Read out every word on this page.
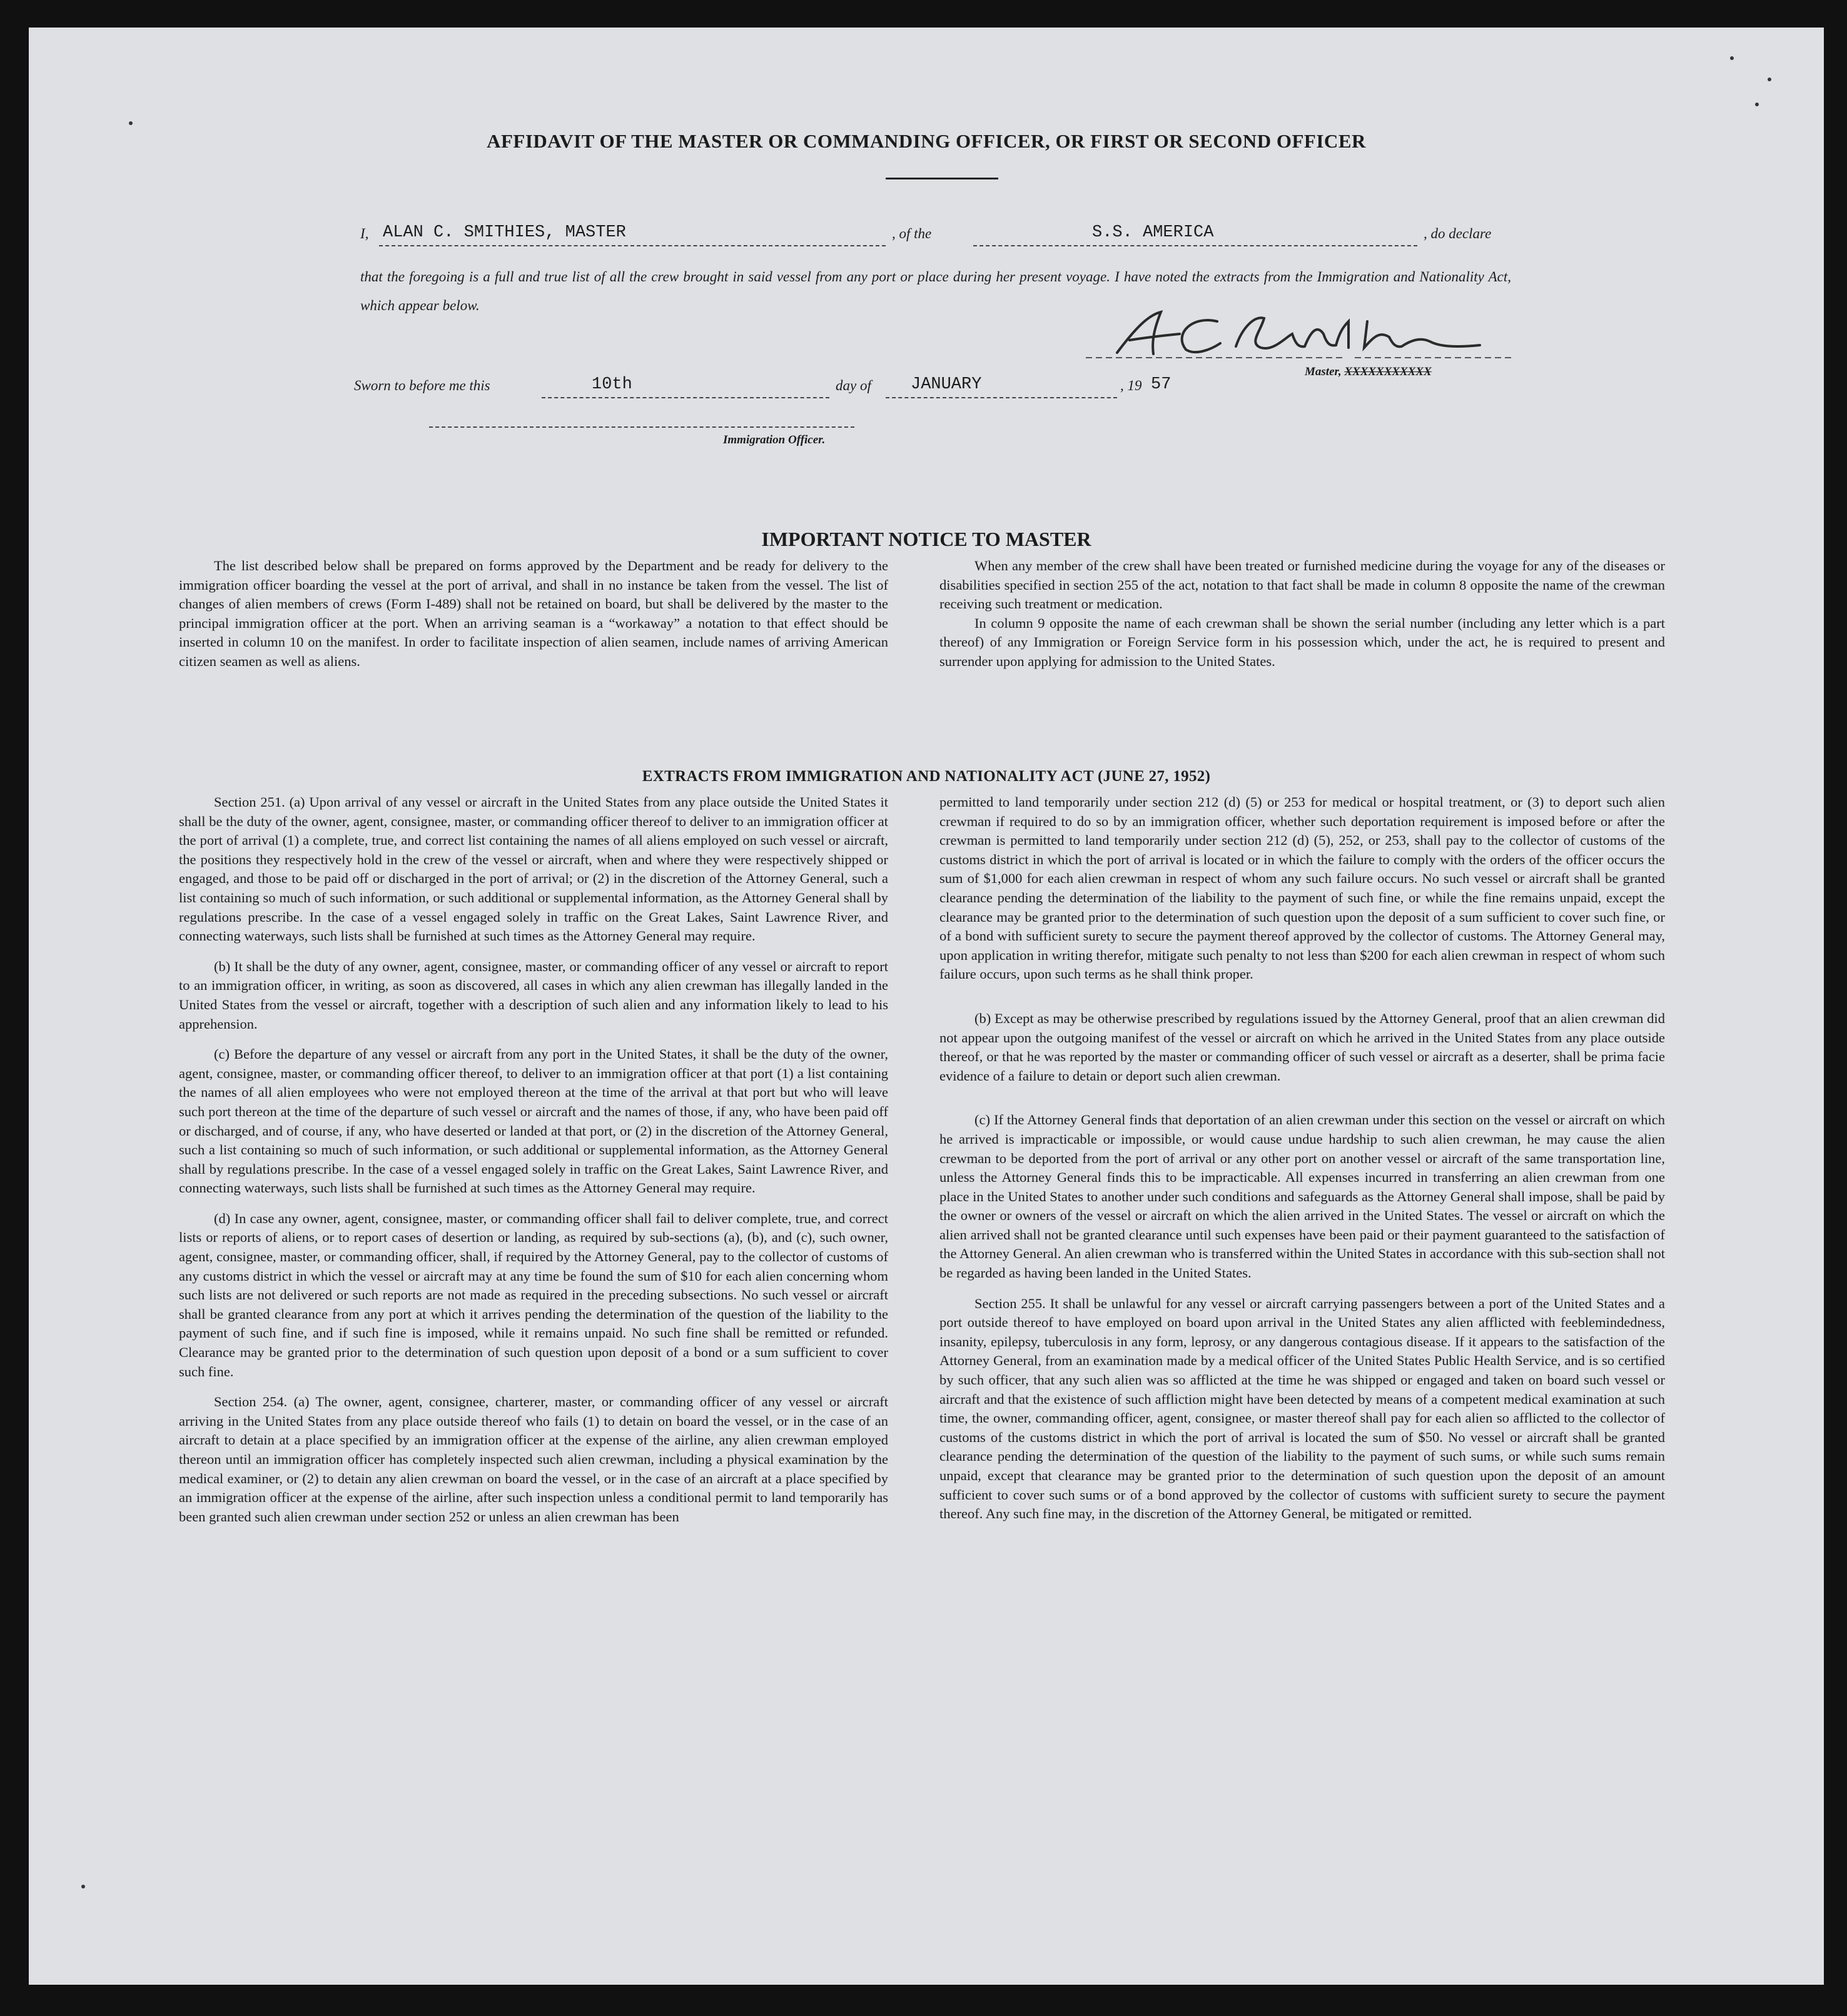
AFFIDAVIT OF THE MASTER OR COMMANDING OFFICER, OR FIRST OR SECOND OFFICER
I, ALAN C. SMITHIES, MASTER	, of the	S.S. AMERICA	, do declare
that the foregoing is a full and true list of all the crew brought in said vessel from any port or place during her present voyage. I have noted the extracts from the Immigration and Nationality Act, which appear below.
Master, XXXXXXXXXXX
Sworn to before me this	10th	day of	JANUARY	, 19 57
Immigration Officer.
IMPORTANT NOTICE TO MASTER

The list described below shall be prepared on forms approved by the Department and be ready for delivery to the immigration officer boarding the vessel at the port of arrival, and shall in no instance be taken from the vessel. The list of changes of alien members of crews (Form I-489) shall not be retained on board, but shall be delivered by the master to the principal immigration officer at the port. When an arriving seaman is a “workaway” a notation to that effect should be inserted in column 10 on the manifest. In order to facilitate inspection of alien seamen, include names of arriving American citizen seamen as well as aliens.

When any member of the crew shall have been treated or furnished medicine during the voyage for any of the diseases or disabilities specified in section 255 of the act, notation to that fact shall be made in column 8 opposite the name of the crewman receiving such treatment or medication.

In column 9 opposite the name of each crewman shall be shown the serial number (including any letter which is a part thereof) of any Immigration or Foreign Service form in his possession which, under the act, he is required to present and surrender upon applying for admission to the United States.

EXTRACTS FROM IMMIGRATION AND NATIONALITY ACT (JUNE 27, 1952)

Section 251. (a) Upon arrival of any vessel or aircraft in the United States from any place outside the United States it shall be the duty of the owner, agent, consignee, master, or commanding officer thereof to deliver to an immigration officer at the port of arrival (1) a complete, true, and correct list containing the names of all aliens employed on such vessel or aircraft, the positions they respectively hold in the crew of the vessel or aircraft, when and where they were respectively shipped or engaged, and those to be paid off or discharged in the port of arrival; or (2) in the discretion of the Attorney General, such a list containing so much of such information, or such additional or supplemental information, as the Attorney General shall by regulations prescribe. In the case of a vessel engaged solely in traffic on the Great Lakes, Saint Lawrence River, and connecting waterways, such lists shall be furnished at such times as the Attorney General may require.

(b) It shall be the duty of any owner, agent, consignee, master, or commanding officer of any vessel or aircraft to report to an immigration officer, in writing, as soon as discovered, all cases in which any alien crewman has illegally landed in the United States from the vessel or aircraft, together with a description of such alien and any information likely to lead to his apprehension.

(c) Before the departure of any vessel or aircraft from any port in the United States, it shall be the duty of the owner, agent, consignee, master, or commanding officer thereof, to deliver to an immigration officer at that port (1) a list containing the names of all alien employees who were not employed thereon at the time of the arrival at that port but who will leave such port thereon at the time of the departure of such vessel or aircraft and the names of those, if any, who have been paid off or discharged, and of course, if any, who have deserted or landed at that port, or (2) in the discretion of the Attorney General, such a list containing so much of such information, or such additional or supplemental information, as the Attorney General shall by regulations prescribe. In the case of a vessel engaged solely in traffic on the Great Lakes, Saint Lawrence River, and connecting waterways, such lists shall be furnished at such times as the Attorney General may require.

(d) In case any owner, agent, consignee, master, or commanding officer shall fail to deliver complete, true, and correct lists or reports of aliens, or to report cases of desertion or landing, as required by sub-sections (a), (b), and (c), such owner, agent, consignee, master, or commanding officer, shall, if required by the Attorney General, pay to the collector of customs of any customs district in which the vessel or aircraft may at any time be found the sum of $10 for each alien concerning whom such lists are not delivered or such reports are not made as required in the preceding subsections. No such vessel or aircraft shall be granted clearance from any port at which it arrives pending the determination of the question of the liability to the payment of such fine, and if such fine is imposed, while it remains unpaid. No such fine shall be remitted or refunded. Clearance may be granted prior to the determination of such question upon deposit of a bond or a sum sufficient to cover such fine.

Section 254. (a) The owner, agent, consignee, charterer, master, or commanding officer of any vessel or aircraft arriving in the United States from any place outside thereof who fails (1) to detain on board the vessel, or in the case of an aircraft to detain at a place specified by an immigration officer at the expense of the airline, any alien crewman employed thereon until an immigration officer has completely inspected such alien crewman, including a physical examination by the medical examiner, or (2) to detain any alien crewman on board the vessel, or in the case of an aircraft at a place specified by an immigration officer at the expense of the airline, after such inspection unless a conditional permit to land temporarily has been granted such alien crewman under section 252 or unless an alien crewman has been

permitted to land temporarily under section 212 (d) (5) or 253 for medical or hospital treatment, or (3) to deport such alien crewman if required to do so by an immigration officer, whether such deportation requirement is imposed before or after the crewman is permitted to land temporarily under section 212 (d) (5), 252, or 253, shall pay to the collector of customs of the customs district in which the port of arrival is located or in which the failure to comply with the orders of the officer occurs the sum of $1,000 for each alien crewman in respect of whom any such failure occurs. No such vessel or aircraft shall be granted clearance pending the determination of the liability to the payment of such fine, or while the fine remains unpaid, except the clearance may be granted prior to the determination of such question upon the deposit of a sum sufficient to cover such fine, or of a bond with sufficient surety to secure the payment thereof approved by the collector of customs. The Attorney General may, upon application in writing therefor, mitigate such penalty to not less than $200 for each alien crewman in respect of whom such failure occurs, upon such terms as he shall think proper.

(b) Except as may be otherwise prescribed by regulations issued by the Attorney General, proof that an alien crewman did not appear upon the outgoing manifest of the vessel or aircraft on which he arrived in the United States from any place outside thereof, or that he was reported by the master or commanding officer of such vessel or aircraft as a deserter, shall be prima facie evidence of a failure to detain or deport such alien crewman.

(c) If the Attorney General finds that deportation of an alien crewman under this section on the vessel or aircraft on which he arrived is impracticable or impossible, or would cause undue hardship to such alien crewman, he may cause the alien crewman to be deported from the port of arrival or any other port on another vessel or aircraft of the same transportation line, unless the Attorney General finds this to be impracticable. All expenses incurred in transferring an alien crewman from one place in the United States to another under such conditions and safeguards as the Attorney General shall impose, shall be paid by the owner or owners of the vessel or aircraft on which the alien arrived in the United States. The vessel or aircraft on which the alien arrived shall not be granted clearance until such expenses have been paid or their payment guaranteed to the satisfaction of the Attorney General. An alien crewman who is transferred within the United States in accordance with this sub-section shall not be regarded as having been landed in the United States.

Section 255. It shall be unlawful for any vessel or aircraft carrying passengers between a port of the United States and a port outside thereof to have employed on board upon arrival in the United States any alien afflicted with feeblemindedness, insanity, epilepsy, tuberculosis in any form, leprosy, or any dangerous contagious disease. If it appears to the satisfaction of the Attorney General, from an examination made by a medical officer of the United States Public Health Service, and is so certified by such officer, that any such alien was so afflicted at the time he was shipped or engaged and taken on board such vessel or aircraft and that the existence of such affliction might have been detected by means of a competent medical examination at such time, the owner, commanding officer, agent, consignee, or master thereof shall pay for each alien so afflicted to the collector of customs of the customs district in which the port of arrival is located the sum of $50. No vessel or aircraft shall be granted clearance pending the determination of the question of the liability to the payment of such sums, or while such sums remain unpaid, except that clearance may be granted prior to the determination of such question upon the deposit of an amount sufficient to cover such sums or of a bond approved by the collector of customs with sufficient surety to secure the payment thereof. Any such fine may, in the discretion of the Attorney General, be mitigated or remitted.
